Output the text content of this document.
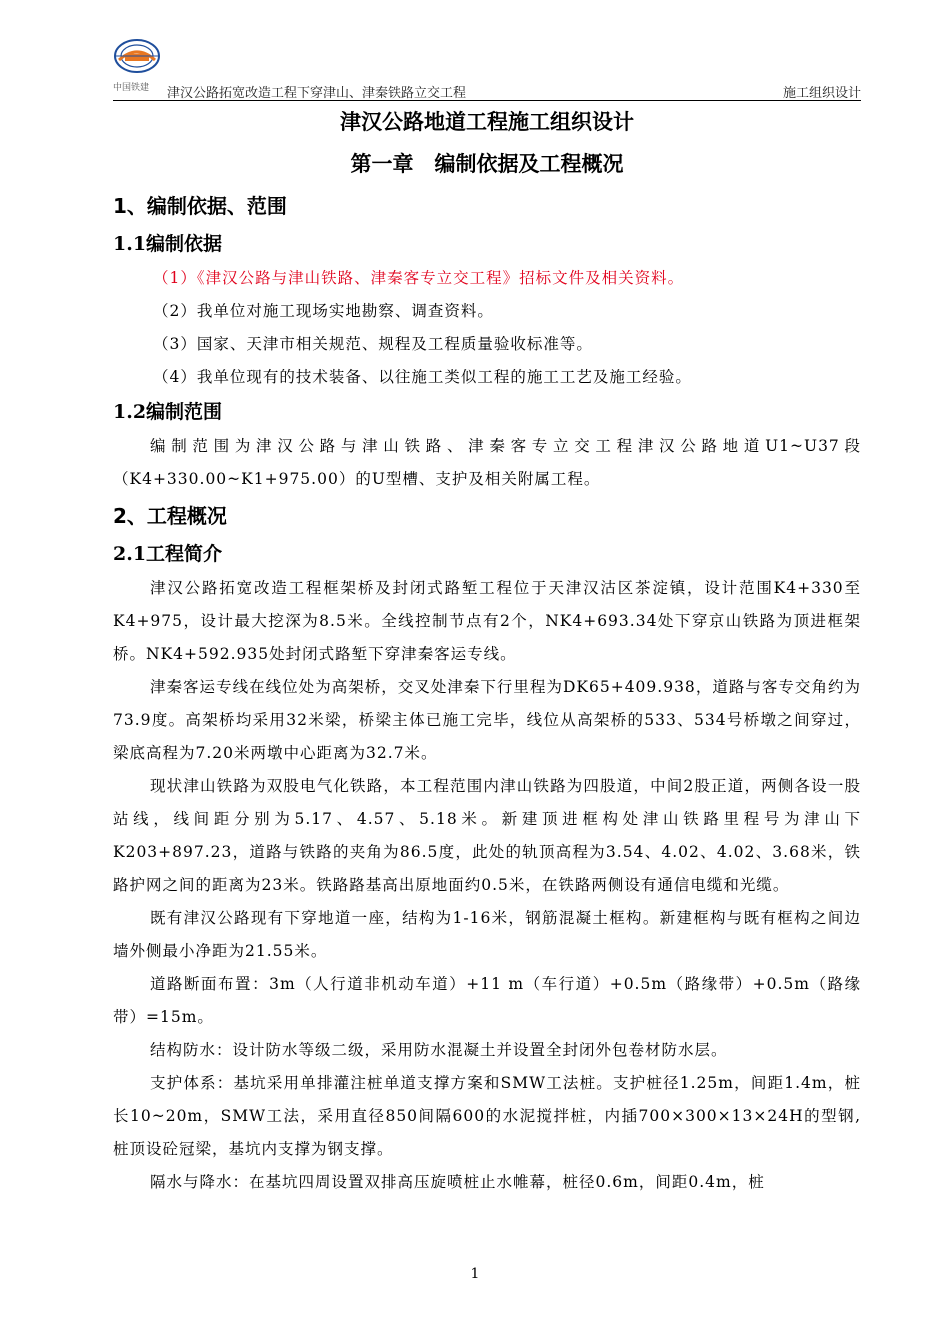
中国铁建 津汉公路拓宽改造工程下穿津山、津秦铁路立交工程	施工组织设计
津汉公路地道工程施工组织设计
第一章　编制依据及工程概况
1、编制依据、范围
1.1编制依据

（1）《津汉公路与津山铁路、津秦客专立交工程》招标文件及相关资料。

（2）我单位对施工现场实地勘察、调查资料。

（3）国家、天津市相关规范、规程及工程质量验收标准等。

（4）我单位现有的技术装备、以往施工类似工程的施工工艺及施工经验。

1.2编制范围

编制范围为津汉公路与津山铁路、津秦客专立交工程津汉公路地道U1~U37段（K4+330.00~K1+975.00）的U型槽、支护及相关附属工程。

2、工程概况
2.1工程简介

津汉公路拓宽改造工程框架桥及封闭式路堑工程位于天津汉沽区茶淀镇，设计范围K4+330至K4+975，设计最大挖深为8.5米。全线控制节点有2个，NK4+693.34处下穿京山铁路为顶进框架桥。NK4+592.935处封闭式路堑下穿津秦客运专线。

津秦客运专线在线位处为高架桥，交叉处津秦下行里程为DK65+409.938，道路与客专交角约为73.9度。高架桥均采用32米梁，桥梁主体已施工完毕，线位从高架桥的533、534号桥墩之间穿过，梁底高程为7.20米两墩中心距离为32.7米。

现状津山铁路为双股电气化铁路，本工程范围内津山铁路为四股道，中间2股正道，两侧各设一股站线，线间距分别为5.17、4.57、5.18米。新建顶进框构处津山铁路里程号为津山下K203+897.23，道路与铁路的夹角为86.5度，此处的轨顶高程为3.54、4.02、4.02、3.68米，铁路护网之间的距离为23米。铁路路基高出原地面约0.5米，在铁路两侧设有通信电缆和光缆。

既有津汉公路现有下穿地道一座，结构为1-16米，钢筋混凝土框构。新建框构与既有框构之间边墙外侧最小净距为21.55米。

道路断面布置：3m（人行道非机动车道）+11 m（车行道）+0.5m（路缘带）+0.5m（路缘带）=15m。

结构防水：设计防水等级二级，采用防水混凝土并设置全封闭外包卷材防水层。

支护体系：基坑采用单排灌注桩单道支撑方案和SMW工法桩。支护桩径1.25m，间距1.4m，桩长10~20m，SMW工法，采用直径850间隔600的水泥搅拌桩，内插700×300×13×24H的型钢,桩顶设砼冠梁，基坑内支撑为钢支撑。

隔水与降水：在基坑四周设置双排高压旋喷桩止水帷幕，桩径0.6m，间距0.4m，桩

1
